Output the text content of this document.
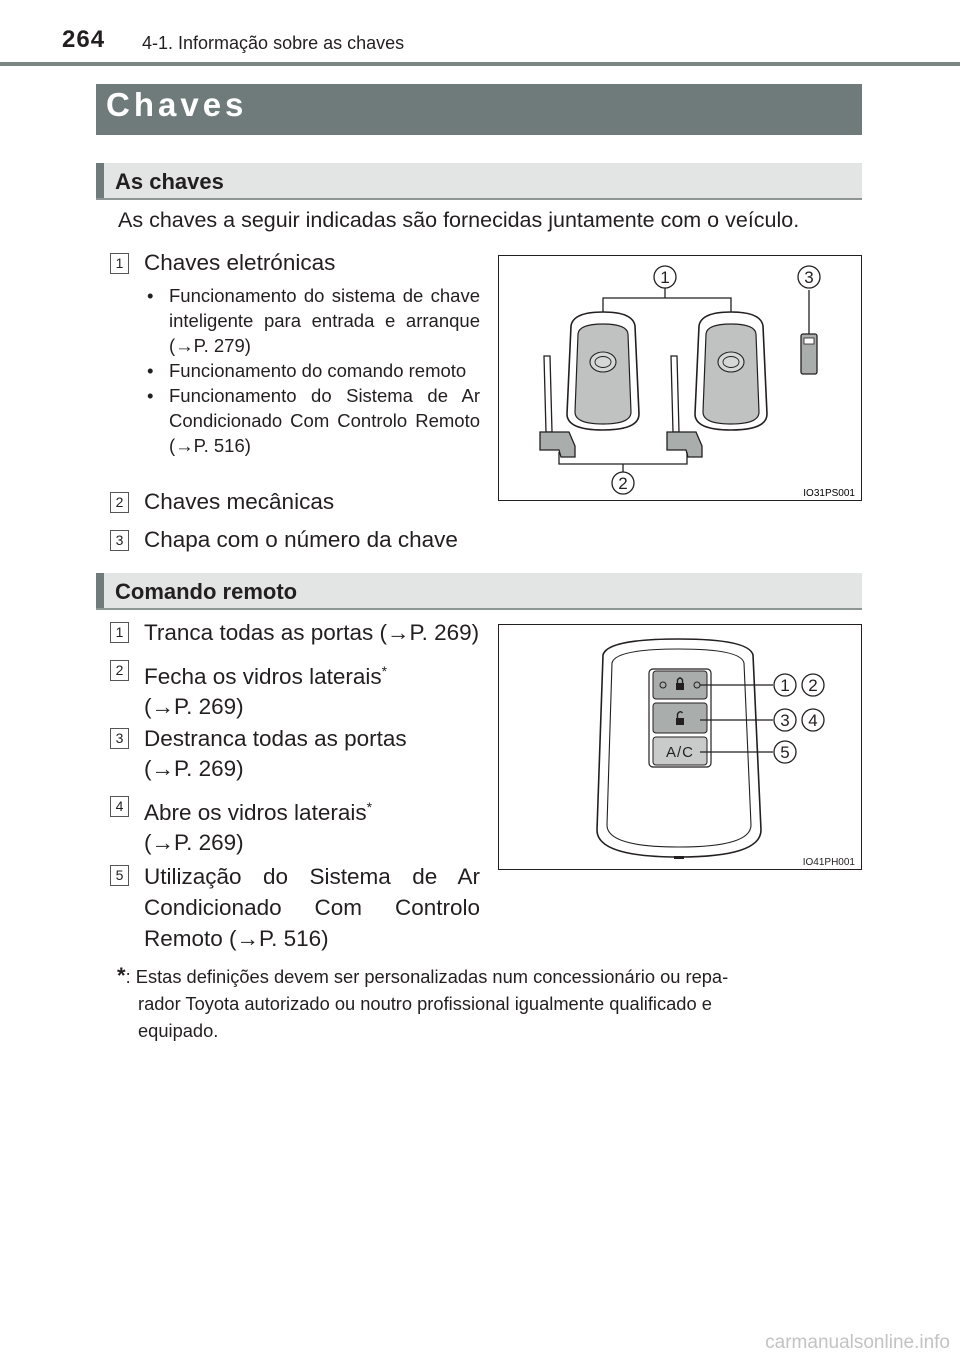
264 4-1. Informação sobre as chaves
Chaves
As chaves
As chaves a seguir indicadas são fornecidas juntamente com o veículo.
1 Chaves eletrónicas
• Funcionamento do sistema de chave inteligente para entrada e arranque (→P. 279)
• Funcionamento do comando remoto
• Funcionamento do Sistema de Ar Condicionado Com Controlo Remoto (→P. 516)
2 Chaves mecânicas
3 Chapa com o número da chave
1
2
3
IO31PS001
Comando remoto
1 Tranca todas as portas (→P. 269)
2 Fecha os vidros laterais*
(→P. 269)
3 Destranca todas as portas
(→P. 269)
4 Abre os vidros laterais*
(→P. 269)
5 Utilização do Sistema de Ar Condicionado Com Controlo Remoto (→P. 516)
A/C
1 2
3 4
5
IO41PH001
*: Estas definições devem ser personalizadas num concessionário ou repa-
rador Toyota autorizado ou noutro profissional igualmente qualificado e
equipado.
carmanualsonline.info
